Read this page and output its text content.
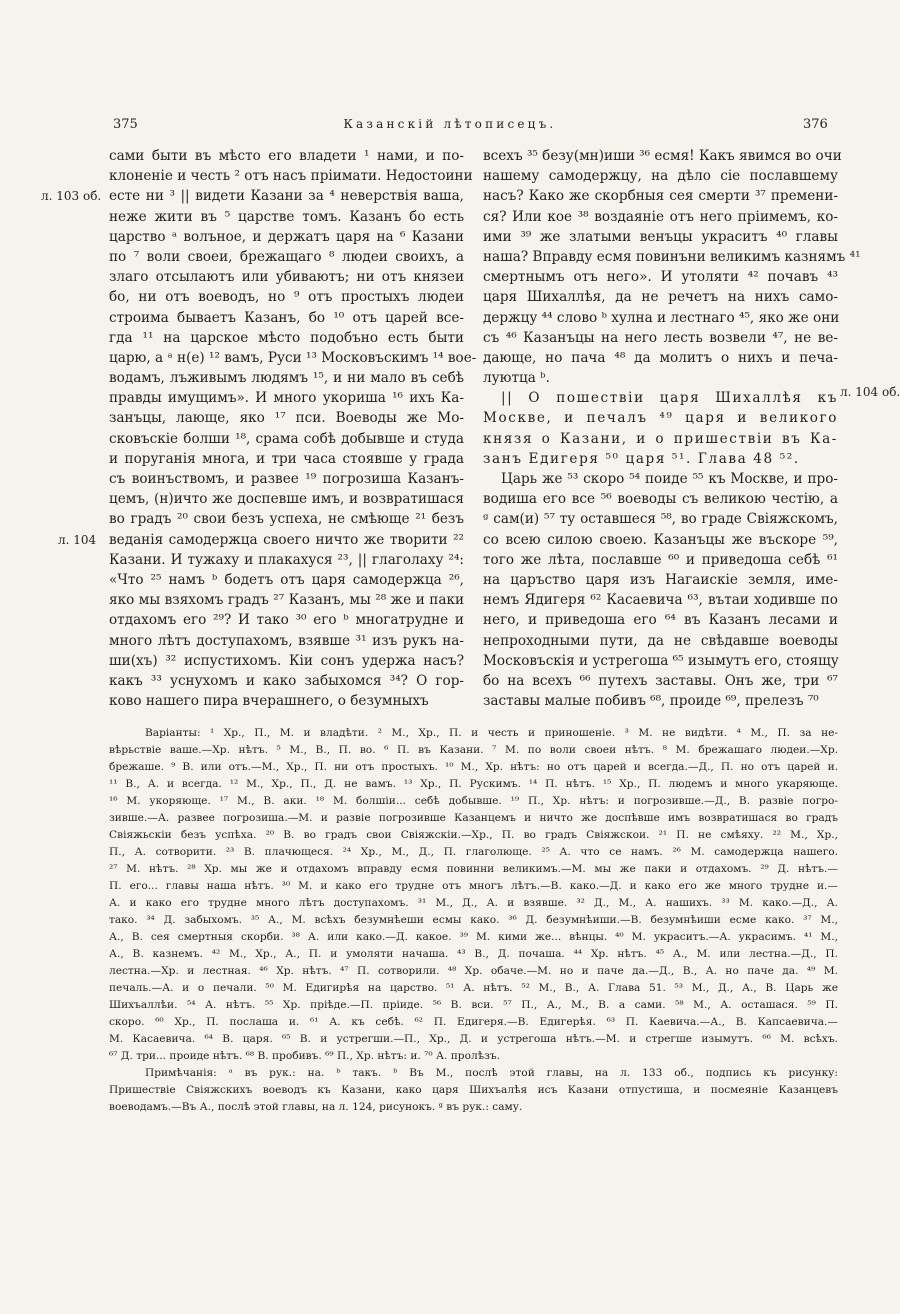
375	Казанскій лѣтописецъ.	376
л. 103 об.
л. 104
л. 104 об.
сами быти въ мѣсто его владети ¹ нами, и по-
клоненіе и честь ² отъ насъ пріимати. Недостоини
есте ни ³ || видети Казани за ⁴ неверствія ваша,
неже жити въ ⁵ царстве томъ. Казанъ бо есть
царство ᵃ волъное, и держатъ царя на ⁶ Казани
по ⁷ воли своеи, брежащаго ⁸ людеи своихъ, а
злаго отсылаютъ или убиваютъ; ни отъ князеи
бо, ни отъ воеводъ, но ⁹ отъ простыхъ людеи
строима бываетъ Казанъ, бо ¹⁰ отъ царей все-
гда ¹¹ на царское мѣсто подобъно есть быти
царю, а ᵃ н(е) ¹² вамъ, Руси ¹³ Московъскимъ ¹⁴ вое-
водамъ, лъживымъ людямъ ¹⁵, и ни мало въ себѣ
правды имущимъ». И много укориша ¹⁶ ихъ Ка-
занъцы, лающе, яко ¹⁷ пси. Воеводы же Мо-
сковъскіе болши ¹⁸, срама собѣ добывше и студа
и поруганія многа, и три часа стоявше у града
съ воинъствомъ, и развее ¹⁹ погрозиша Казанъ-
цемъ, (н)ичто же доспевше имъ, и возвратишася
во градъ ²⁰ свои безъ успеха, не смѣюще ²¹ безъ
веданія самодержца своего ничто же творити ²²
Казани. И тужаху и плакахуся ²³, || глаголаху ²⁴:
«Что ²⁵ намъ ᵇ бодетъ отъ царя самодержца ²⁶,
яко мы взяхомъ градъ ²⁷ Казанъ, мы ²⁸ же и паки
отдахомъ его ²⁹? И тако ³⁰ его ᵇ многатрудне и
много лѣтъ доступахомъ, взявше ³¹ изъ рукъ на-
ши(хъ) ³² испустихомъ. Кіи сонъ удержа насъ?
какъ ³³ уснухомъ и како забыхомся ³⁴? О гор-
ково нашего пира вчерашнего, о безумныхъ
всехъ ³⁵ безу(мн)иши ³⁶ есмя! Какъ явимся во очи
нашему самодержцу, на дѣло сіе пославшему
насъ? Како же скорбныя сея смерти ³⁷ премени-
ся? Или кое ³⁸ воздаяніе отъ него пріимемъ, ко-
ими ³⁹ же златыми венъцы украситъ ⁴⁰ главы
наша? Вправду есмя повинъни великимъ казнямъ ⁴¹
смертнымъ отъ него». И утоляти ⁴² почавъ ⁴³
царя Шихаллѣя, да не речетъ на нихъ само-
держцу ⁴⁴ слово ᵇ хулна и лестнаго ⁴⁵, яко же они
съ ⁴⁶ Казанъцы на него лесть возвели ⁴⁷, не ве-
дающе, но пача ⁴⁸ да молитъ о нихъ и печа-
луютца ᵇ.
|| О пошествіи царя Шихаллѣя къ
Москве, и печалъ ⁴⁹ царя и великого
князя о Казани, и о пришествіи въ Ка-
занъ Едигеря ⁵⁰ царя ⁵¹. Глава 48 ⁵².
Царь же ⁵³ скоро ⁵⁴ поиде ⁵⁵ къ Москве, и про-
водиша его все ⁵⁶ воеводы съ великою честію, а
ᵍ сам(и) ⁵⁷ ту оставшеся ⁵⁸, во граде Свіяжскомъ,
со всею силою своею. Казанъцы же въскоре ⁵⁹,
того же лѣта, пославше ⁶⁰ и приведоша себѣ ⁶¹
на царъство царя изъ Нагаискіе земля, име-
немъ Ядигеря ⁶² Касаевича ⁶³, вътаи ходивше по
него, и приведоша его ⁶⁴ въ Казанъ лесами и
непроходными пути, да не свѣдавше воеводы
Московъскія и устрегоша ⁶⁵ изымутъ его, стоящу
бо на всехъ ⁶⁶ путехъ заставы. Онъ же, три ⁶⁷
заставы малые побивъ ⁶⁸, проиде ⁶⁹, прелезъ ⁷⁰
Варіанты: ¹ Хр., П., М. и владѣти. ² М., Хр., П. и честь и приношеніе. ³ М. не видѣти. ⁴ М., П. за не-
вѣрьствіе ваше.—Хр. нѣтъ. ⁵ М., В., П. во. ⁶ П. въ Казани. ⁷ М. по воли своеи нѣтъ. ⁸ М. брежашаго людеи.—Хр.
брежаше. ⁹ В. или отъ.—М., Хр., П. ни отъ простыхъ. ¹⁰ М., Хр. нѣтъ: но отъ царей и всегда.—Д., П. но отъ царей и.
¹¹ В., А. и всегда. ¹² М., Хр., П., Д. не вамъ. ¹³ Хр., П. Рускимъ. ¹⁴ П. нѣтъ. ¹⁵ Хр., П. людемъ и много укаряюще.
¹⁶ М. укоряюще. ¹⁷ М., В. аки. ¹⁸ М. болшiи... себѣ добывше. ¹⁹ П., Хр. нѣтъ: и погрозивше.—Д., В. развіе погро-
зивше.—А. развее погрозиша.—М. и развіе погрозивше Казанцемъ и ничто же доспѣвше имъ возвратишася во градъ
Свіяжьскіи безъ успѣха. ²⁰ В. во градъ свои Свіяжскіи.—Хр., П. во градъ Свіяжскои. ²¹ П. не смѣяху. ²² М., Хр.,
П., А. сотворити. ²³ В. плачющеся. ²⁴ Хр., М., Д., П. глаголюще. ²⁵ А. что се намъ. ²⁶ М. самодержца нашего.
²⁷ М. нѣтъ. ²⁸ Хр. мы же и отдахомъ вправду есмя повинни великимъ.—М. мы же паки и отдахомъ. ²⁹ Д. нѣтъ.—
П. его... главы наша нѣтъ. ³⁰ М. и како его трудне отъ многъ лѣтъ.—В. како.—Д. и како его же много трудне и.—
А. и како его трудне много лѣтъ доступахомъ. ³¹ М., Д., А. и взявше. ³² Д., М., А. нашихъ. ³³ М. како.—Д., А.
тако. ³⁴ Д. забыхомъ. ³⁵ А., М. всѣхъ безумнѣеши есмы како. ³⁶ Д. безумнѣиши.—В. безумнѣиши есме како. ³⁷ М.,
А., В. сея смертныя скорби. ³⁸ А. или како.—Д. какое. ³⁹ М. кими же... вѣнцы. ⁴⁰ М. украситъ.—А. украсимъ. ⁴¹ М.,
А., В. казнемъ. ⁴² М., Хр., А., П. и умоляти начаша. ⁴³ В., Д. почаша. ⁴⁴ Хр. нѣтъ. ⁴⁵ А., М. или лестна.—Д., П.
лестна.—Хр. и лестная. ⁴⁶ Хр. нѣтъ. ⁴⁷ П. сотворили. ⁴⁸ Хр. обаче.—М. но и паче да.—Д., В., А. но паче да. ⁴⁹ М.
печаль.—А. и о печали. ⁵⁰ М. Едигирѣя на царство. ⁵¹ А. нѣтъ. ⁵² М., В., А. Глава 51. ⁵³ М., Д., А., В. Царь же
Шихъаллѣи. ⁵⁴ А. нѣтъ. ⁵⁵ Хр. пріѣде.—П. пріиде. ⁵⁶ В. вси. ⁵⁷ П., А., М., В. а сами. ⁵⁸ М., А. осташася. ⁵⁹ П.
скоро. ⁶⁰ Хр., П. послаша и. ⁶¹ А. къ себѣ. ⁶² П. Едигеря.—В. Едигерѣя. ⁶³ П. Каевича.—А., В. Капсаевича.—
М. Касаевича. ⁶⁴ В. царя. ⁶⁵ В. и устрегши.—П., Хр., Д. и устрегоша нѣтъ.—М. и стрегше изымутъ. ⁶⁶ М. всѣхъ.
⁶⁷ Д. три... проиде нѣтъ. ⁶⁸ В. пробивъ. ⁶⁹ П., Хр. нѣтъ: и. ⁷⁰ А. пролѣзъ.
Примѣчанія: ᵃ въ рук.: на. ᵇ такъ. ᵇ Въ М., послѣ этой главы, на л. 133 об., подпись къ рисунку:
Пришествіе Свіяжскихъ воеводъ къ Казани, како царя Шихъалѣя исъ Казани отпустиша, и посмеяніе Казанцевъ
воеводамъ.—Въ А., послѣ этой главы, на л. 124, рисунокъ. ᵍ въ рук.: саму.
